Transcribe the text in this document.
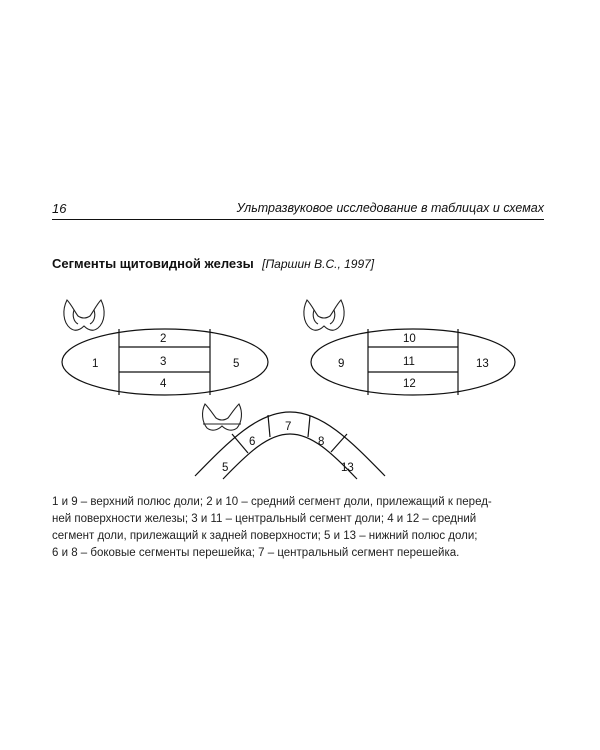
16	Ультразвуковое исследование в таблицах и схемах
Сегменты щитовидной железы [Паршин В.С., 1997]
1
2
3
4
5	9
10
11
12
13
5
6
7
8
13
1 и 9 – верхний полюс доли; 2 и 10 – средний сегмент доли, прилежащий к перед-
ней поверхности железы; 3 и 11 – центральный сегмент доли; 4 и 12 – средний
сегмент доли, прилежащий к задней поверхности; 5 и 13 – нижний полюс доли;
6 и 8 – боковые сегменты перешейка; 7 – центральный сегмент перешейка.
